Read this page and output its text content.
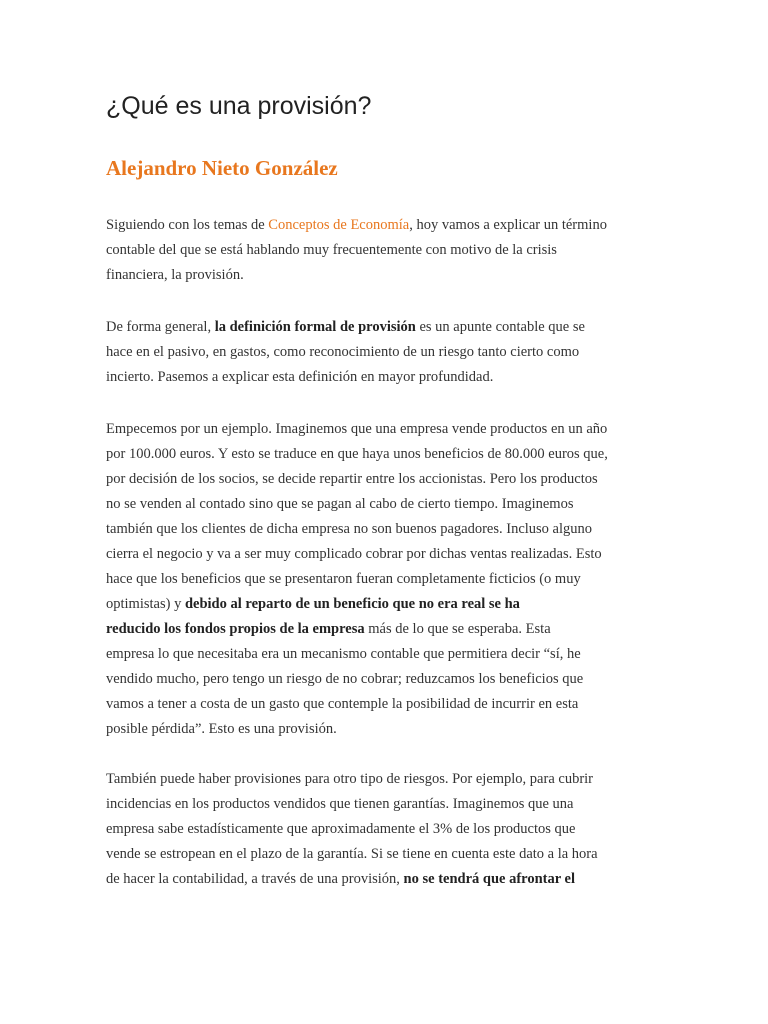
¿Qué es una provisión?
Alejandro Nieto González
Siguiendo con los temas de Conceptos de Economía, hoy vamos a explicar un término
contable del que se está hablando muy frecuentemente con motivo de la crisis
financiera, la provisión.
De forma general, la definición formal de provisión es un apunte contable que se
hace en el pasivo, en gastos, como reconocimiento de un riesgo tanto cierto como
incierto. Pasemos a explicar esta definición en mayor profundidad.
Empecemos por un ejemplo. Imaginemos que una empresa vende productos en un año
por 100.000 euros. Y esto se traduce en que haya unos beneficios de 80.000 euros que,
por decisión de los socios, se decide repartir entre los accionistas. Pero los productos
no se venden al contado sino que se pagan al cabo de cierto tiempo. Imaginemos
también que los clientes de dicha empresa no son buenos pagadores. Incluso alguno
cierra el negocio y va a ser muy complicado cobrar por dichas ventas realizadas. Esto
hace que los beneficios que se presentaron fueran completamente ficticios (o muy
optimistas) y debido al reparto de un beneficio que no era real se ha
reducido los fondos propios de la empresa más de lo que se esperaba. Esta
empresa lo que necesitaba era un mecanismo contable que permitiera decir “sí, he
vendido mucho, pero tengo un riesgo de no cobrar; reduzcamos los beneficios que
vamos a tener a costa de un gasto que contemple la posibilidad de incurrir en esta
posible pérdida”. Esto es una provisión.
También puede haber provisiones para otro tipo de riesgos. Por ejemplo, para cubrir
incidencias en los productos vendidos que tienen garantías. Imaginemos que una
empresa sabe estadísticamente que aproximadamente el 3% de los productos que
vende se estropean en el plazo de la garantía. Si se tiene en cuenta este dato a la hora
de hacer la contabilidad, a través de una provisión, no se tendrá que afrontar el
